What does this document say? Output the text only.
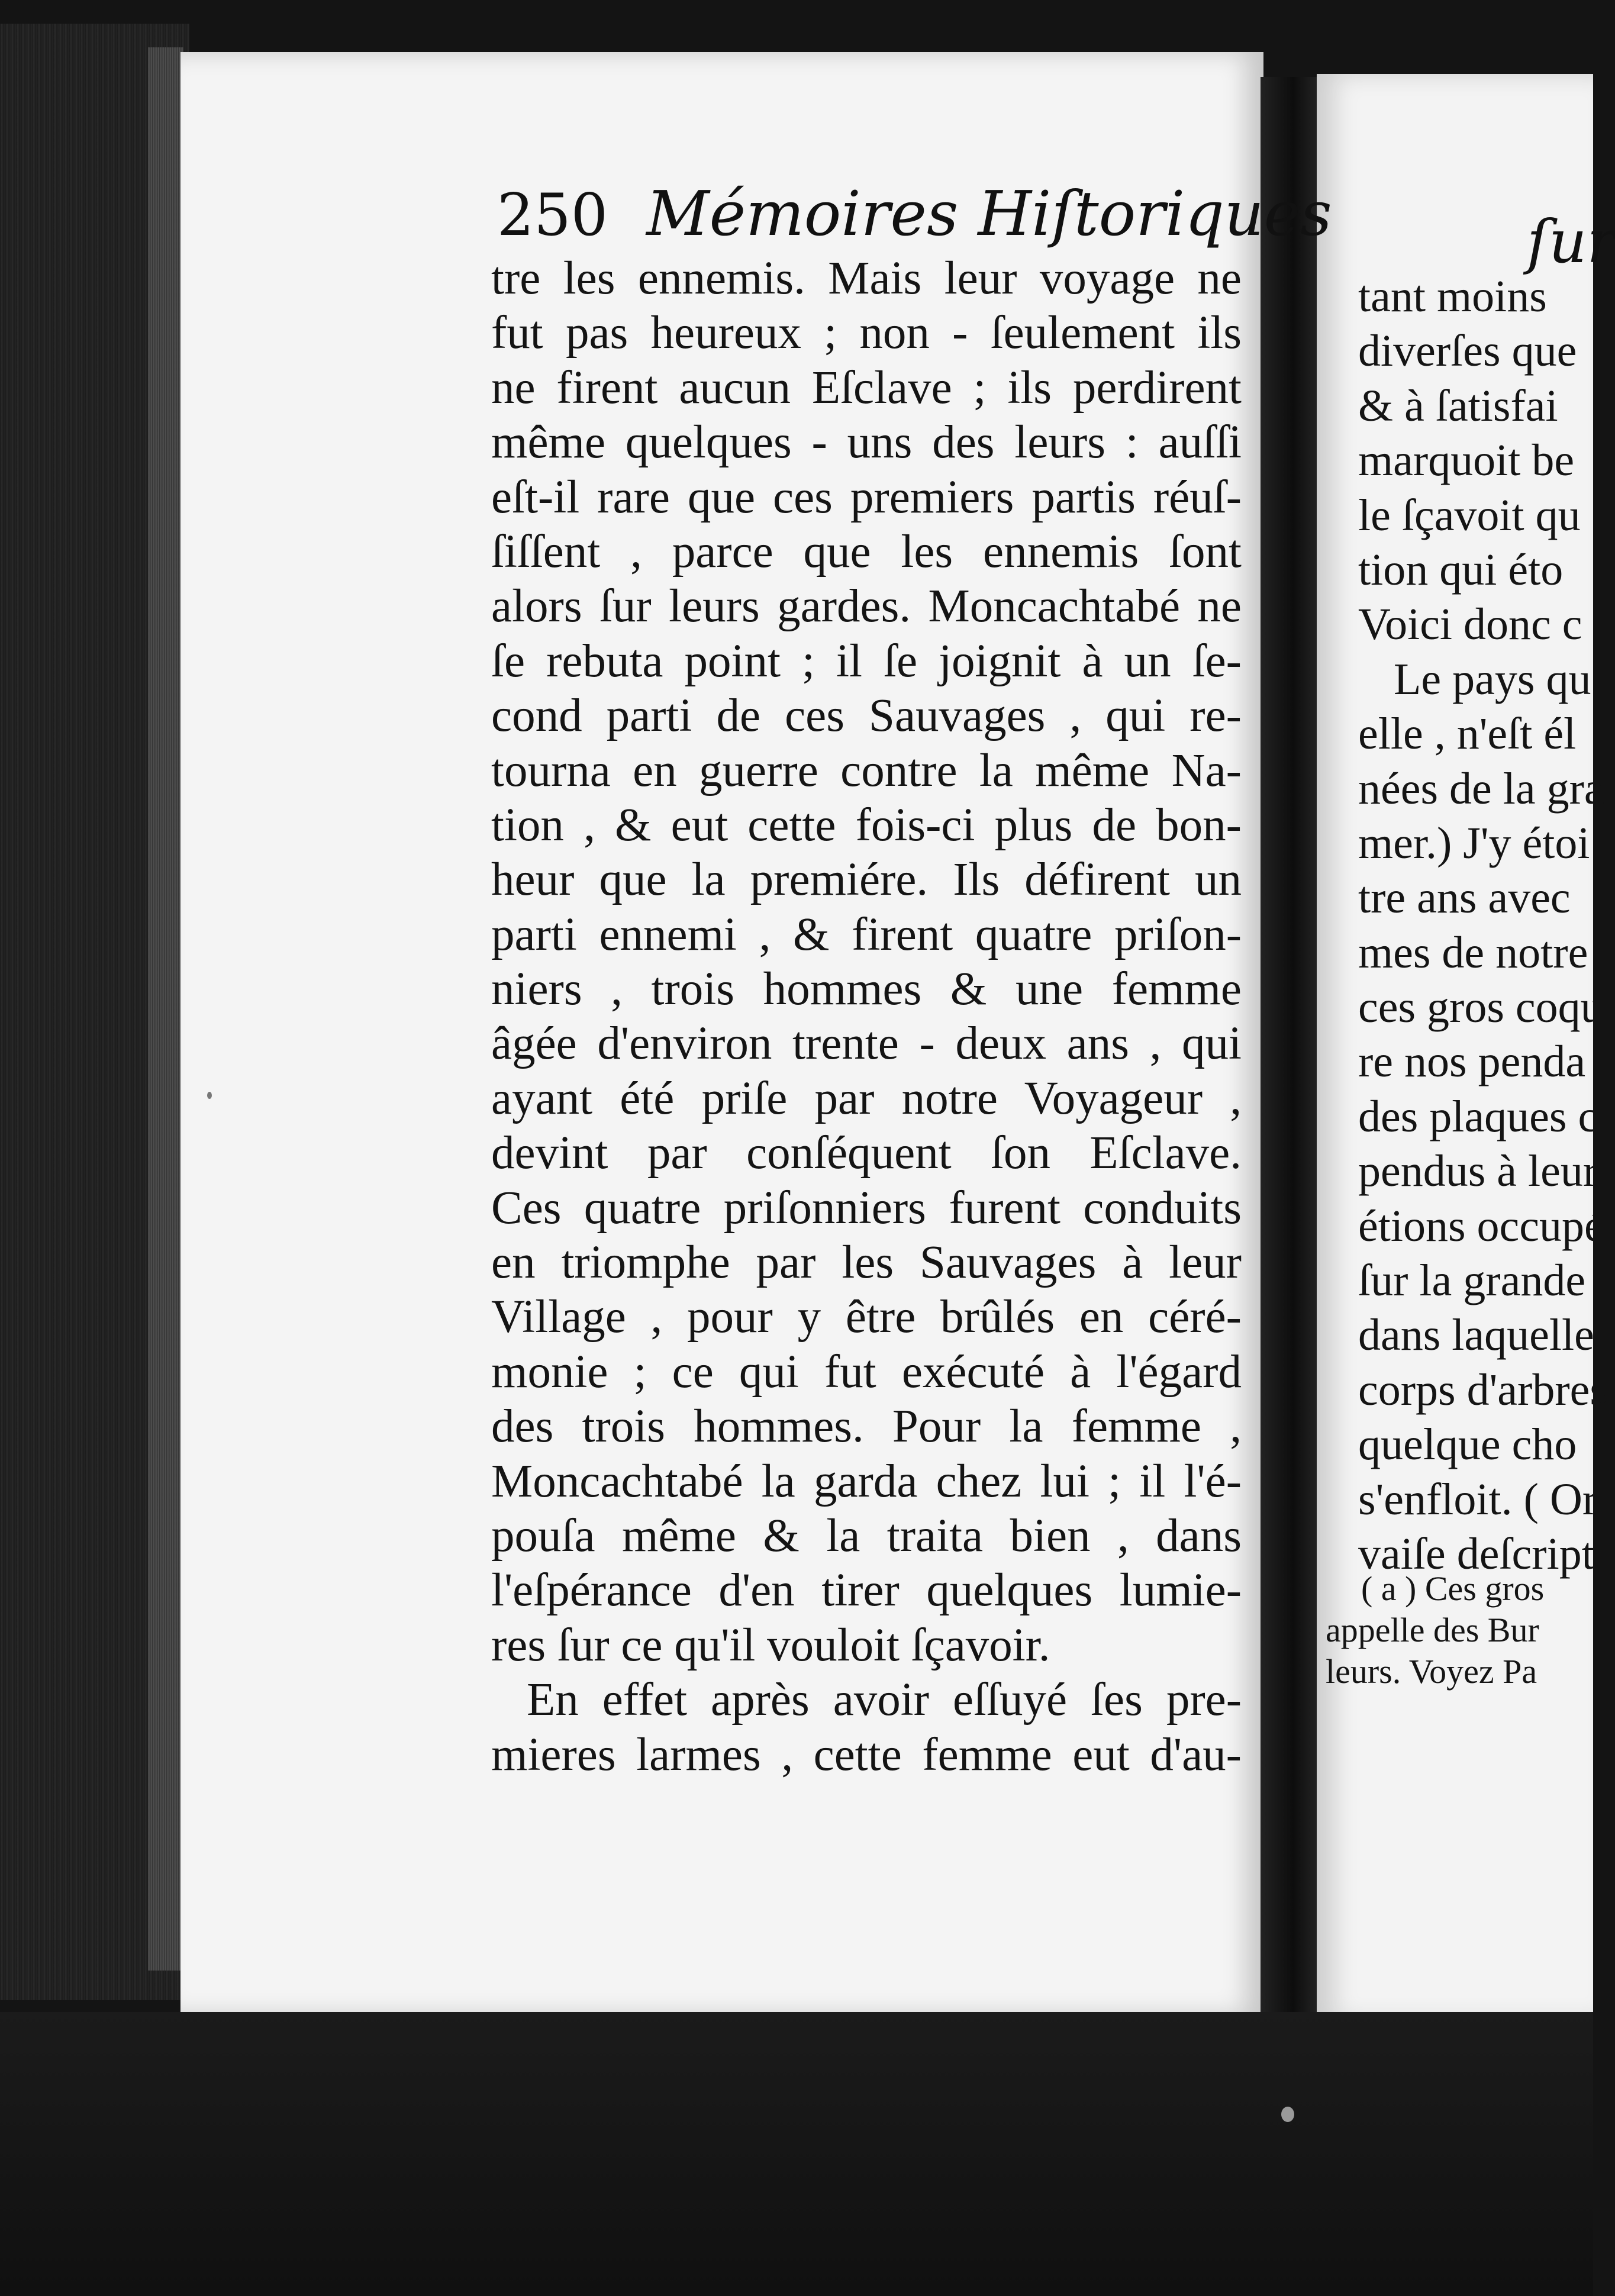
250 Mémoires Hiſtoriques
tre les ennemis. Mais leur voyage ne
fut pas heureux ; non - ſeulement ils
ne firent aucun Eſclave ; ils perdirent
même quelques - uns des leurs : auſſi
eſt-il rare que ces premiers partis réuſ-
ſiſſent , parce que les ennemis ſont
alors ſur leurs gardes. Moncachtabé ne
ſe rebuta point ; il ſe joignit à un ſe-
cond parti de ces Sauvages , qui re-
tourna en guerre contre la même Na-
tion , & eut cette fois-ci plus de bon-
heur que la premiére. Ils défirent un
parti ennemi , & firent quatre priſon-
niers , trois hommes & une femme
âgée d'environ trente - deux ans , qui
ayant été priſe par notre Voyageur ,
devint par conſéquent ſon Eſclave.
Ces quatre priſonniers furent conduits
en triomphe par les Sauvages à leur
Village , pour y être brûlés en céré-
monie ; ce qui fut exécuté à l'égard
des trois hommes. Pour la femme ,
Moncachtabé la garda chez lui ; il l'é-
pouſa même & la traita bien , dans
l'eſpérance d'en tirer quelques lumie-
res ſur ce qu'il vouloit ſçavoir.
En effet après avoir eſſuyé ſes pre-
mieres larmes , cette femme eut d'au-
ſur
tant moins
diverſes que
& à ſatisfai
marquoit be
le ſçavoit qu
tion qui éto
Voici donc c
Le pays qu
elle , n'eſt él
nées de la gra
mer.) J'y étoi
tre ans avec
mes de notre
ces gros coqu
re nos penda
des plaques c
pendus à leur
étions occupé
ſur la grande
dans laquelle
corps d'arbres
quelque cho
s'enfloit. ( Or
vaiſe deſcript
( a ) Ces gros
appelle des Bur
leurs. Voyez Pa
